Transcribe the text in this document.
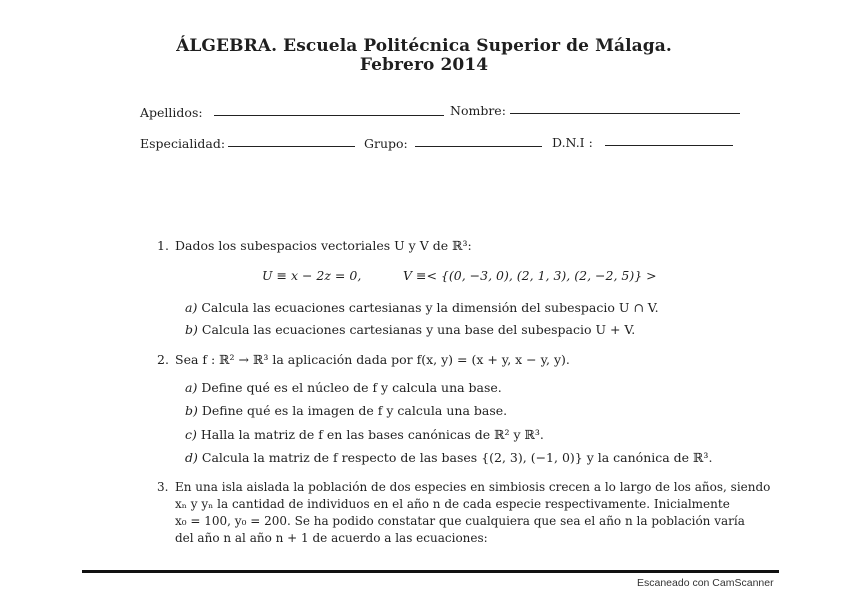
ÁLGEBRA. Escuela Politécnica Superior de Málaga.
Febrero 2014
Apellidos:	Nombre:
Especialidad:	Grupo:	D.N.I :
1. Dados los subespacios vectoriales U y V de ℝ³:
U ≡ x − 2z = 0,	V ≡< {(0, −3, 0), (2, 1, 3), (2, −2, 5)} >
a) Calcula las ecuaciones cartesianas y la dimensión del subespacio U ∩ V.
b) Calcula las ecuaciones cartesianas y una base del subespacio U + V.
2. Sea f : ℝ² → ℝ³ la aplicación dada por f(x, y) = (x + y, x − y, y).
a) Define qué es el núcleo de f y calcula una base.
b) Define qué es la imagen de f y calcula una base.
c) Halla la matriz de f en las bases canónicas de ℝ² y ℝ³.
d) Calcula la matriz de f respecto de las bases {(2, 3), (−1, 0)} y la canónica de ℝ³.
3. En una isla aislada la población de dos especies en simbiosis crecen a lo largo de los años, siendo
xₙ y yₙ la cantidad de individuos en el año n de cada especie respectivamente. Inicialmente
x₀ = 100, y₀ = 200. Se ha podido constatar que cualquiera que sea el año n la población varía
del año n al año n + 1 de acuerdo a las ecuaciones:
Escaneado con CamScanner
